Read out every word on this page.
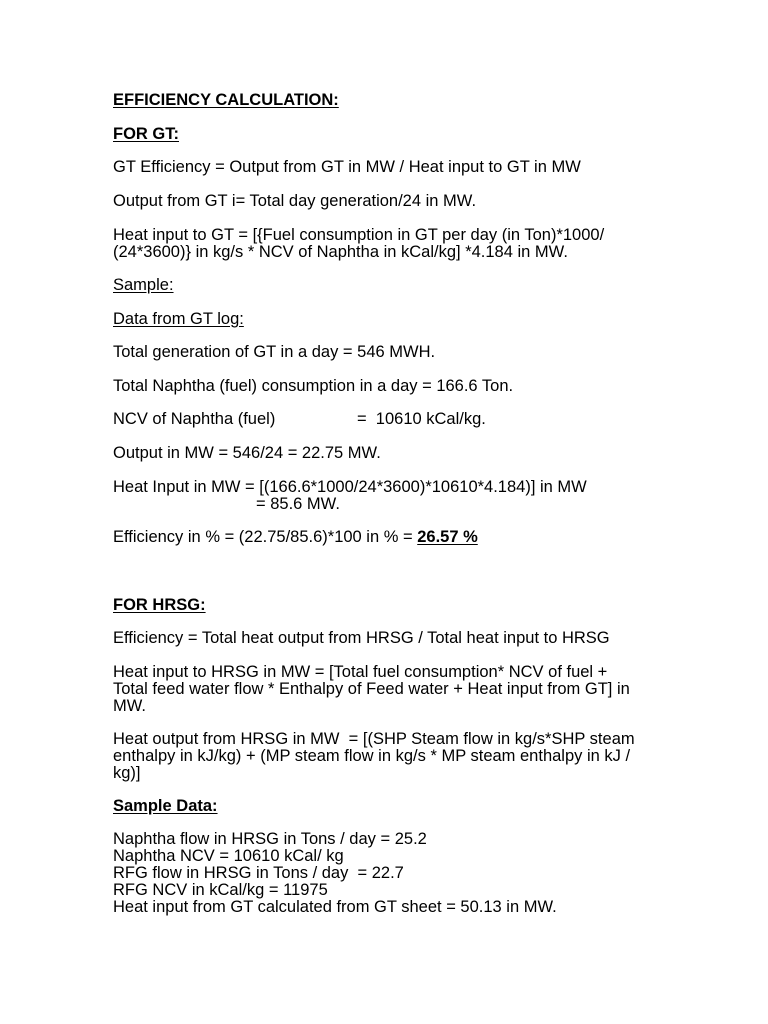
EFFICIENCY CALCULATION:
FOR GT:
GT Efficiency = Output from GT in MW / Heat input to GT in MW
Output from GT i= Total day generation/24 in MW.
Heat input to GT = [{Fuel consumption in GT per day (in Ton)*1000/
(24*3600)} in kg/s * NCV of Naphtha in kCal/kg] *4.184 in MW.
Sample:
Data from GT log:
Total generation of GT in a day = 546 MWH.
Total Naphtha (fuel) consumption in a day = 166.6 Ton.
NCV of Naphtha (fuel)	=  10610 kCal/kg.
Output in MW = 546/24 = 22.75 MW.
Heat Input in MW = [(166.6*1000/24*3600)*10610*4.184)] in MW
= 85.6 MW.
Efficiency in % = (22.75/85.6)*100 in % = 26.57 %
FOR HRSG:
Efficiency = Total heat output from HRSG / Total heat input to HRSG
Heat input to HRSG in MW = [Total fuel consumption* NCV of fuel +
Total feed water flow * Enthalpy of Feed water + Heat input from GT] in
MW.
Heat output from HRSG in MW  = [(SHP Steam flow in kg/s*SHP steam
enthalpy in kJ/kg) + (MP steam flow in kg/s * MP steam enthalpy in kJ /
kg)]
Sample Data:
Naphtha flow in HRSG in Tons / day = 25.2
Naphtha NCV = 10610 kCal/ kg
RFG flow in HRSG in Tons / day  = 22.7
RFG NCV in kCal/kg = 11975
Heat input from GT calculated from GT sheet = 50.13 in MW.
